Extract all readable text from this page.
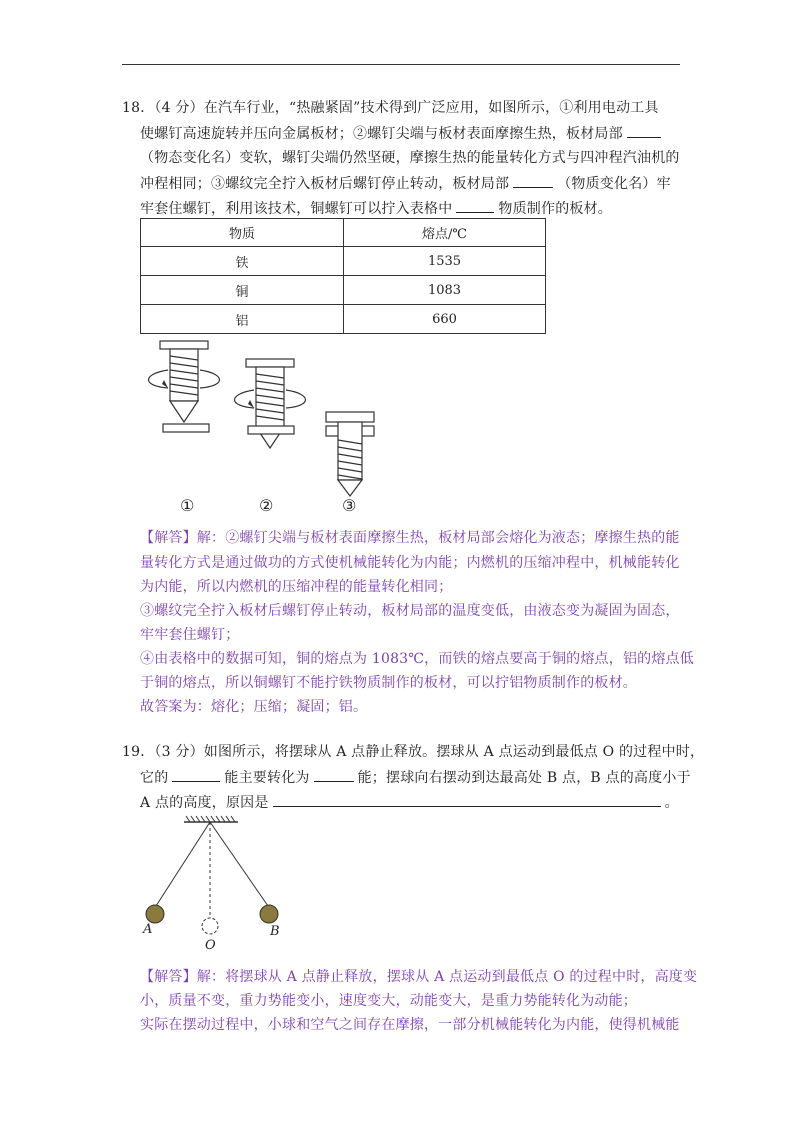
18．（4 分）在汽车行业，“热融紧固”技术得到广泛应用，如图所示，①利用电动工具
使螺钉高速旋转并压向金属板材；②螺钉尖端与板材表面摩擦生热，板材局部
（物态变化名）变软，螺钉尖端仍然坚硬，摩擦生热的能量转化方式与四冲程汽油机的
冲程相同；③螺纹完全拧入板材后螺钉停止转动，板材局部	（物质变化名）牢
牢套住螺钉，利用该技术，铜螺钉可以拧入表格中	物质制作的板材。
物质	熔点/℃
铁	1535
铜	1083
铝	660
①	②	③
【解答】解：②螺钉尖端与板材表面摩擦生热，板材局部会熔化为液态；摩擦生热的能
量转化方式是通过做功的方式使机械能转化为内能；内燃机的压缩冲程中，机械能转化
为内能，所以内燃机的压缩冲程的能量转化相同；
③螺纹完全拧入板材后螺钉停止转动，板材局部的温度变低，由液态变为凝固为固态，
牢牢套住螺钉；
④由表格中的数据可知，铜的熔点为 1083℃，而铁的熔点要高于铜的熔点，铝的熔点低
于铜的熔点，所以铜螺钉不能拧铁物质制作的板材，可以拧铝物质制作的板材。
故答案为：熔化；压缩；凝固；铝。
19．（3 分）如图所示，将摆球从 A 点静止释放。摆球从 A 点运动到最低点 O 的过程中时，
它的	能主要转化为	能；摆球向右摆动到达最高处 B 点，B 点的高度小于
A 点的高度，原因是	。
A
O
B
【解答】解：将摆球从 A 点静止释放，摆球从 A 点运动到最低点 O 的过程中时，高度变
小，质量不变，重力势能变小，速度变大，动能变大，是重力势能转化为动能；
实际在摆动过程中，小球和空气之间存在摩擦，一部分机械能转化为内能，使得机械能
